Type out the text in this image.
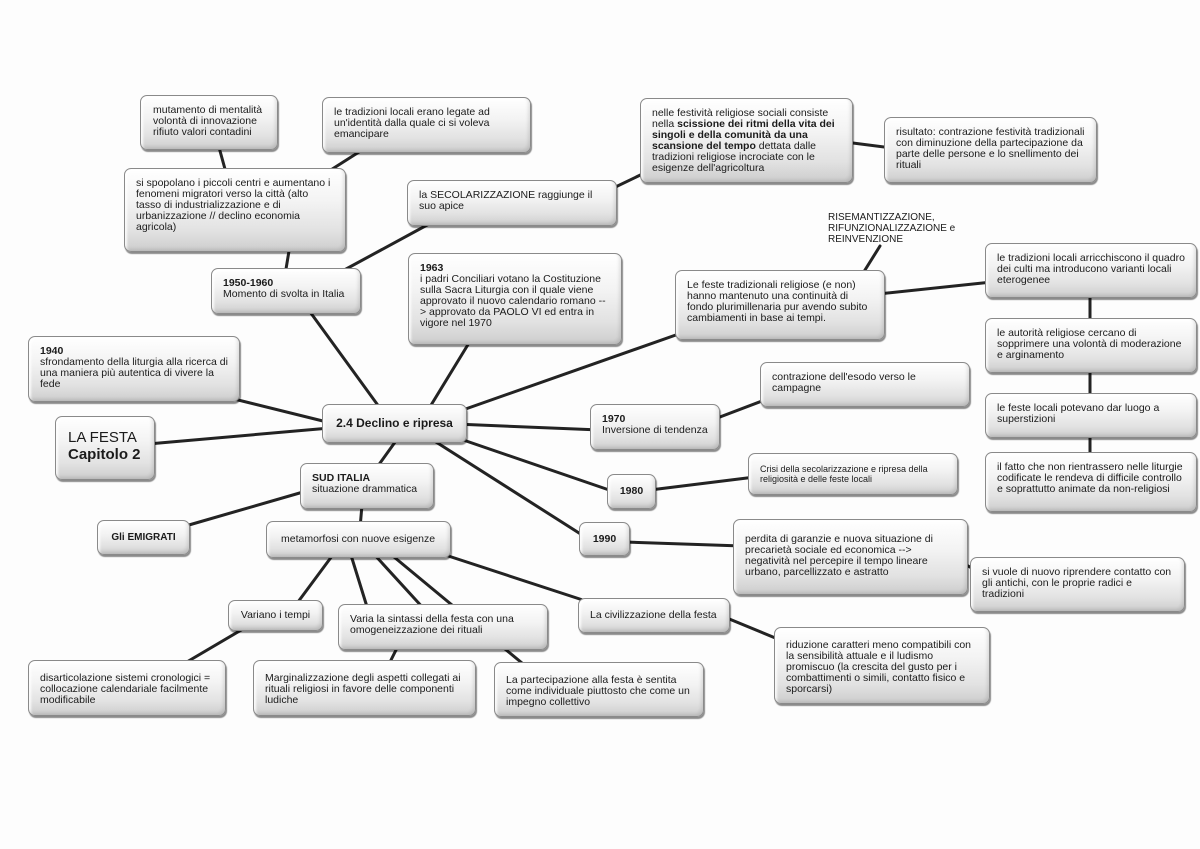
mutamento di mentalità
volontà di innovazione
rifiuto valori contadini
le tradizioni locali erano legate ad un'identità dalla quale ci si voleva emancipare
nelle festività religiose sociali consiste nella scissione dei ritmi della vita dei singoli e della comunità da una scansione del tempo dettata dalle tradizioni religiose incrociate con le esigenze dell'agricoltura
risultato: contrazione festività tradizionali con diminuzione della partecipazione da parte delle persone e lo snellimento dei rituali
si spopolano i piccoli centri e aumentano i fenomeni migratori verso la città (alto tasso di industrializzazione e di urbanizzazione // declino economia agricola)
la SECOLARIZZAZIONE raggiunge il suo apice
RISEMANTIZZAZIONE, RIFUNZIONALIZZAZIONE e REINVENZIONE
le tradizioni locali arricchiscono il quadro dei culti ma introducono varianti locali eterogenee
1950-1960
Momento di svolta in Italia
1963
i padri Conciliari votano la Costituzione sulla Sacra Liturgia con il quale viene approvato il nuovo calendario romano --> approvato da PAOLO VI ed entra in vigore nel 1970
Le feste tradizionali religiose (e non) hanno mantenuto una continuità di fondo plurimillenaria pur avendo subito cambiamenti in base ai tempi.
le autorità religiose cercano di sopprimere una volontà di moderazione e arginamento
1940
sfrondamento della liturgia alla ricerca di una maniera più autentica di vivere la fede
contrazione dell'esodo verso le campagne
le feste locali potevano dar luogo a superstizioni
LA FESTA
Capitolo 2
2.4 Declino e ripresa	1970
Inversione di tendenza
Crisi della secolarizzazione e ripresa della religiosità e delle feste locali
il fatto che non rientrassero nelle liturgie codificate le rendeva di difficile controllo e soprattutto animate da non-religiosi
SUD ITALIA
situazione drammatica	1980
Gli EMIGRATI	metamorfosi con nuove esigenze	1990	perdita di garanzie e nuova situazione di precarietà sociale ed economica --> negatività nel percepire il tempo lineare urbano, parcellizzato e astratto	si vuole di nuovo riprendere contatto con gli antichi, con le proprie radici e tradizioni
Variano i tempi	Varia la sintassi della festa con una omogeneizzazione dei rituali
La civilizzazione della festa
riduzione caratteri meno compatibili con la sensibilità attuale e il ludismo promiscuo (la crescita del gusto per i combattimenti o simili, contatto fisico e sporcarsi)
disarticolazione sistemi cronologici = collocazione calendariale facilmente modificabile
Marginalizzazione degli aspetti collegati ai rituali religiosi in favore delle componenti ludiche
La partecipazione alla festa è sentita come individuale piuttosto che come un impegno collettivo
